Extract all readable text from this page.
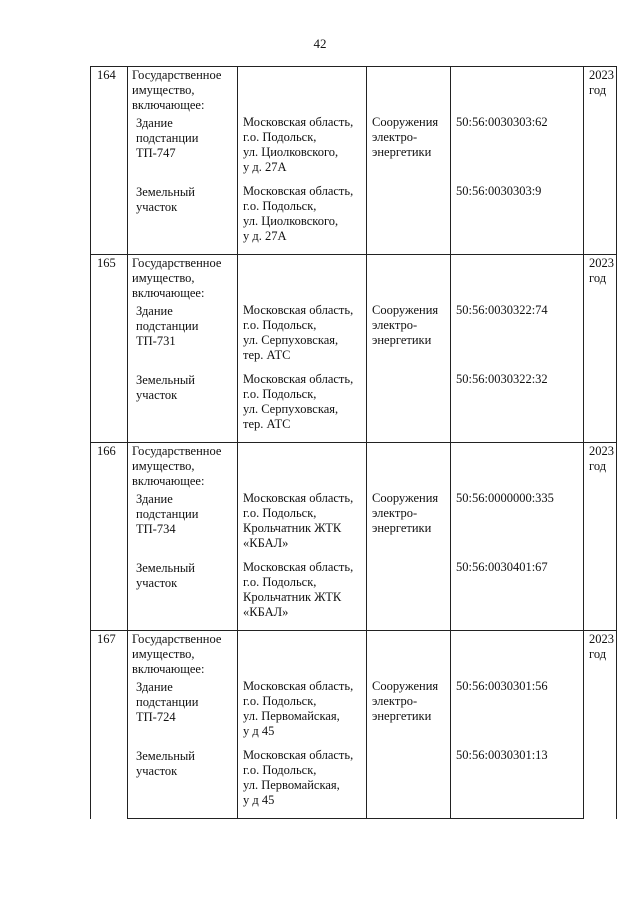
42
164	Государственное
имущество,
включающее:				2023
год

	Здание
подстанции
ТП-747	Московская область,
г.о. Подольск,
ул. Циолковского,
у д. 27А	Сооружения
электро-
энергетики	50:56:0030303:62	

	Земельный
участок	Московская область,
г.о. Подольск,
ул. Циолковского,
у д. 27А		50:56:0030303:9	
165	Государственное
имущество,
включающее:				2023
год

	Здание
подстанции
ТП-731	Московская область,
г.о. Подольск,
ул. Серпуховская,
тер. АТС	Сооружения
электро-
энергетики	50:56:0030322:74	

	Земельный
участок	Московская область,
г.о. Подольск,
ул. Серпуховская,
тер. АТС		50:56:0030322:32	
166	Государственное
имущество,
включающее:				2023
год

	Здание
подстанции
ТП-734	Московская область,
г.о. Подольск,
Крольчатник ЖТК
«КБАЛ»	Сооружения
электро-
энергетики	50:56:0000000:335	

	Земельный
участок	Московская область,
г.о. Подольск,
Крольчатник ЖТК
«КБАЛ»		50:56:0030401:67	
167	Государственное
имущество,
включающее:				2023
год

	Здание
подстанции
ТП-724	Московская область,
г.о. Подольск,
ул. Первомайская,
у д 45	Сооружения
электро-
энергетики	50:56:0030301:56	

	Земельный
участок	Московская область,
г.о. Подольск,
ул. Первомайская,
у д 45		50:56:0030301:13	
